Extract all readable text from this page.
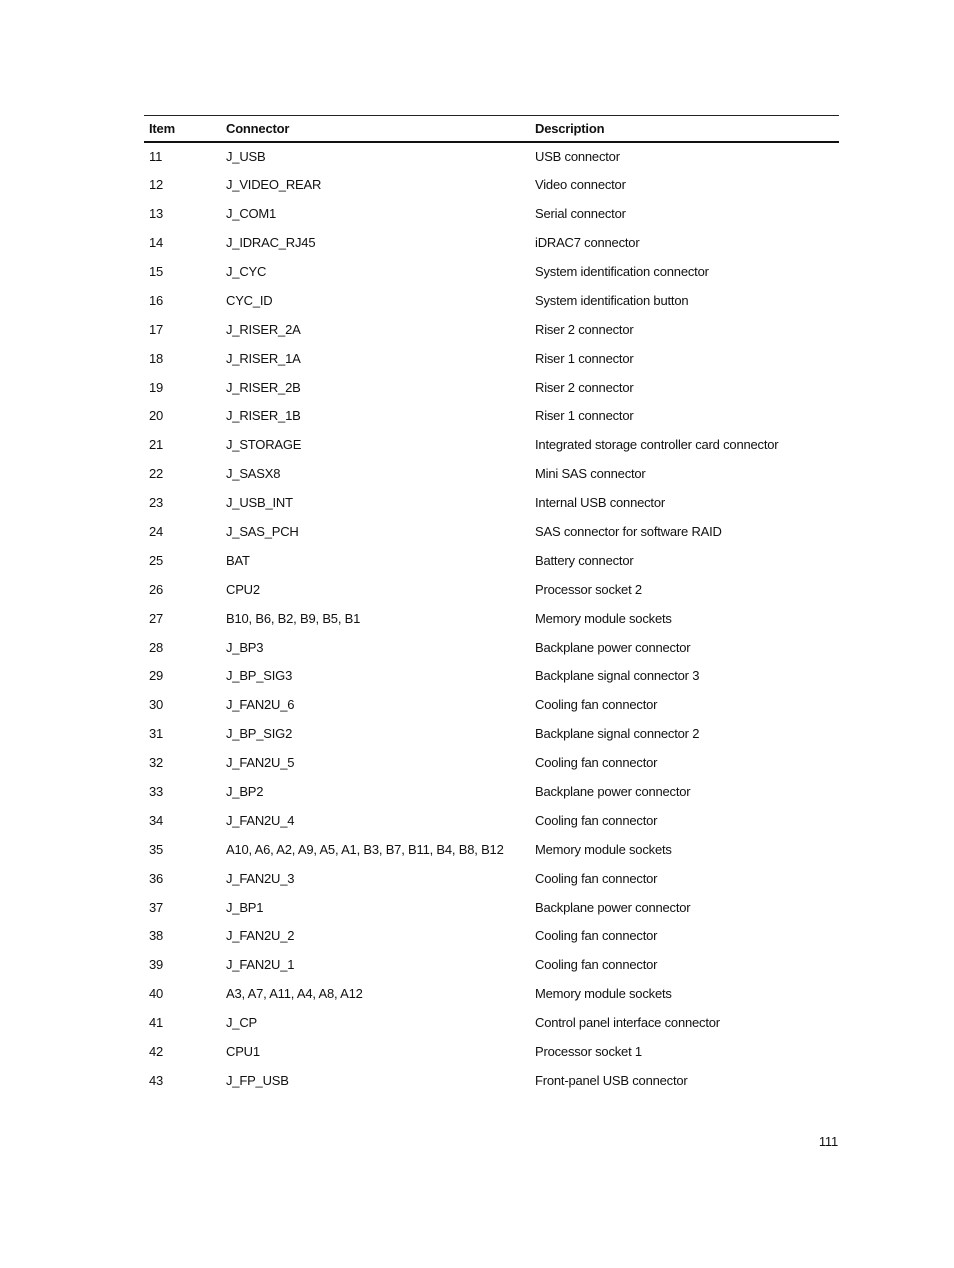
Item	Connector	Description
11	J_USB	USB connector
12	J_VIDEO_REAR	Video connector
13	J_COM1	Serial connector
14	J_IDRAC_RJ45	iDRAC7 connector
15	J_CYC	System identification connector
16	CYC_ID	System identification button
17	J_RISER_2A	Riser 2 connector
18	J_RISER_1A	Riser 1 connector
19	J_RISER_2B	Riser 2 connector
20	J_RISER_1B	Riser 1 connector
21	J_STORAGE	Integrated storage controller card connector
22	J_SASX8	Mini SAS connector
23	J_USB_INT	Internal USB connector
24	J_SAS_PCH	SAS connector for software RAID
25	BAT	Battery connector
26	CPU2	Processor socket 2
27	B10, B6, B2, B9, B5, B1	Memory module sockets
28	J_BP3	Backplane power connector
29	J_BP_SIG3	Backplane signal connector 3
30	J_FAN2U_6	Cooling fan connector
31	J_BP_SIG2	Backplane signal connector 2
32	J_FAN2U_5	Cooling fan connector
33	J_BP2	Backplane power connector
34	J_FAN2U_4	Cooling fan connector
35	A10, A6, A2, A9, A5, A1, B3, B7, B11, B4, B8, B12	Memory module sockets
36	J_FAN2U_3	Cooling fan connector
37	J_BP1	Backplane power connector
38	J_FAN2U_2	Cooling fan connector
39	J_FAN2U_1	Cooling fan connector
40	A3, A7, A11, A4, A8, A12	Memory module sockets
41	J_CP	Control panel interface connector
42	CPU1	Processor socket 1
43	J_FP_USB	Front-panel USB connector
111
